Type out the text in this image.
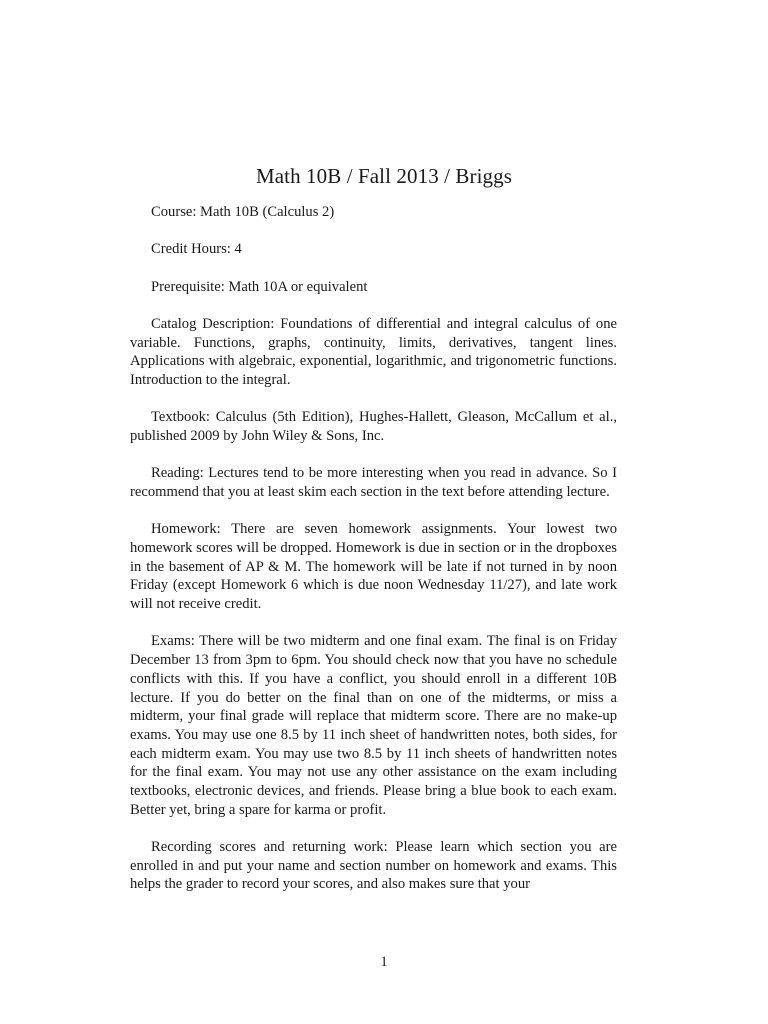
Math 10B / Fall 2013 / Briggs

Course: Math 10B (Calculus 2)

Credit Hours: 4

Prerequisite: Math 10A or equivalent

Catalog Description: Foundations of differential and integral calculus of one variable. Functions, graphs, continuity, limits, derivatives, tangent lines. Applications with algebraic, exponential, logarithmic, and trigonometric functions. Introduction to the integral.

Textbook: Calculus (5th Edition), Hughes-Hallett, Gleason, McCallum et al., published 2009 by John Wiley & Sons, Inc.

Reading: Lectures tend to be more interesting when you read in advance. So I recommend that you at least skim each section in the text before attending lecture.

Homework: There are seven homework assignments. Your lowest two homework scores will be dropped. Homework is due in section or in the dropboxes in the basement of AP & M. The homework will be late if not turned in by noon Friday (except Homework 6 which is due noon Wednesday 11/27), and late work will not receive credit.

Exams: There will be two midterm and one final exam. The final is on Friday December 13 from 3pm to 6pm. You should check now that you have no schedule conflicts with this. If you have a conflict, you should enroll in a different 10B lecture. If you do better on the final than on one of the midterms, or miss a midterm, your final grade will replace that midterm score. There are no make-up exams. You may use one 8.5 by 11 inch sheet of handwritten notes, both sides, for each midterm exam. You may use two 8.5 by 11 inch sheets of handwritten notes for the final exam. You may not use any other assistance on the exam including textbooks, electronic devices, and friends. Please bring a blue book to each exam. Better yet, bring a spare for karma or profit.

Recording scores and returning work: Please learn which section you are enrolled in and put your name and section number on homework and exams. This helps the grader to record your scores, and also makes sure that your

1
